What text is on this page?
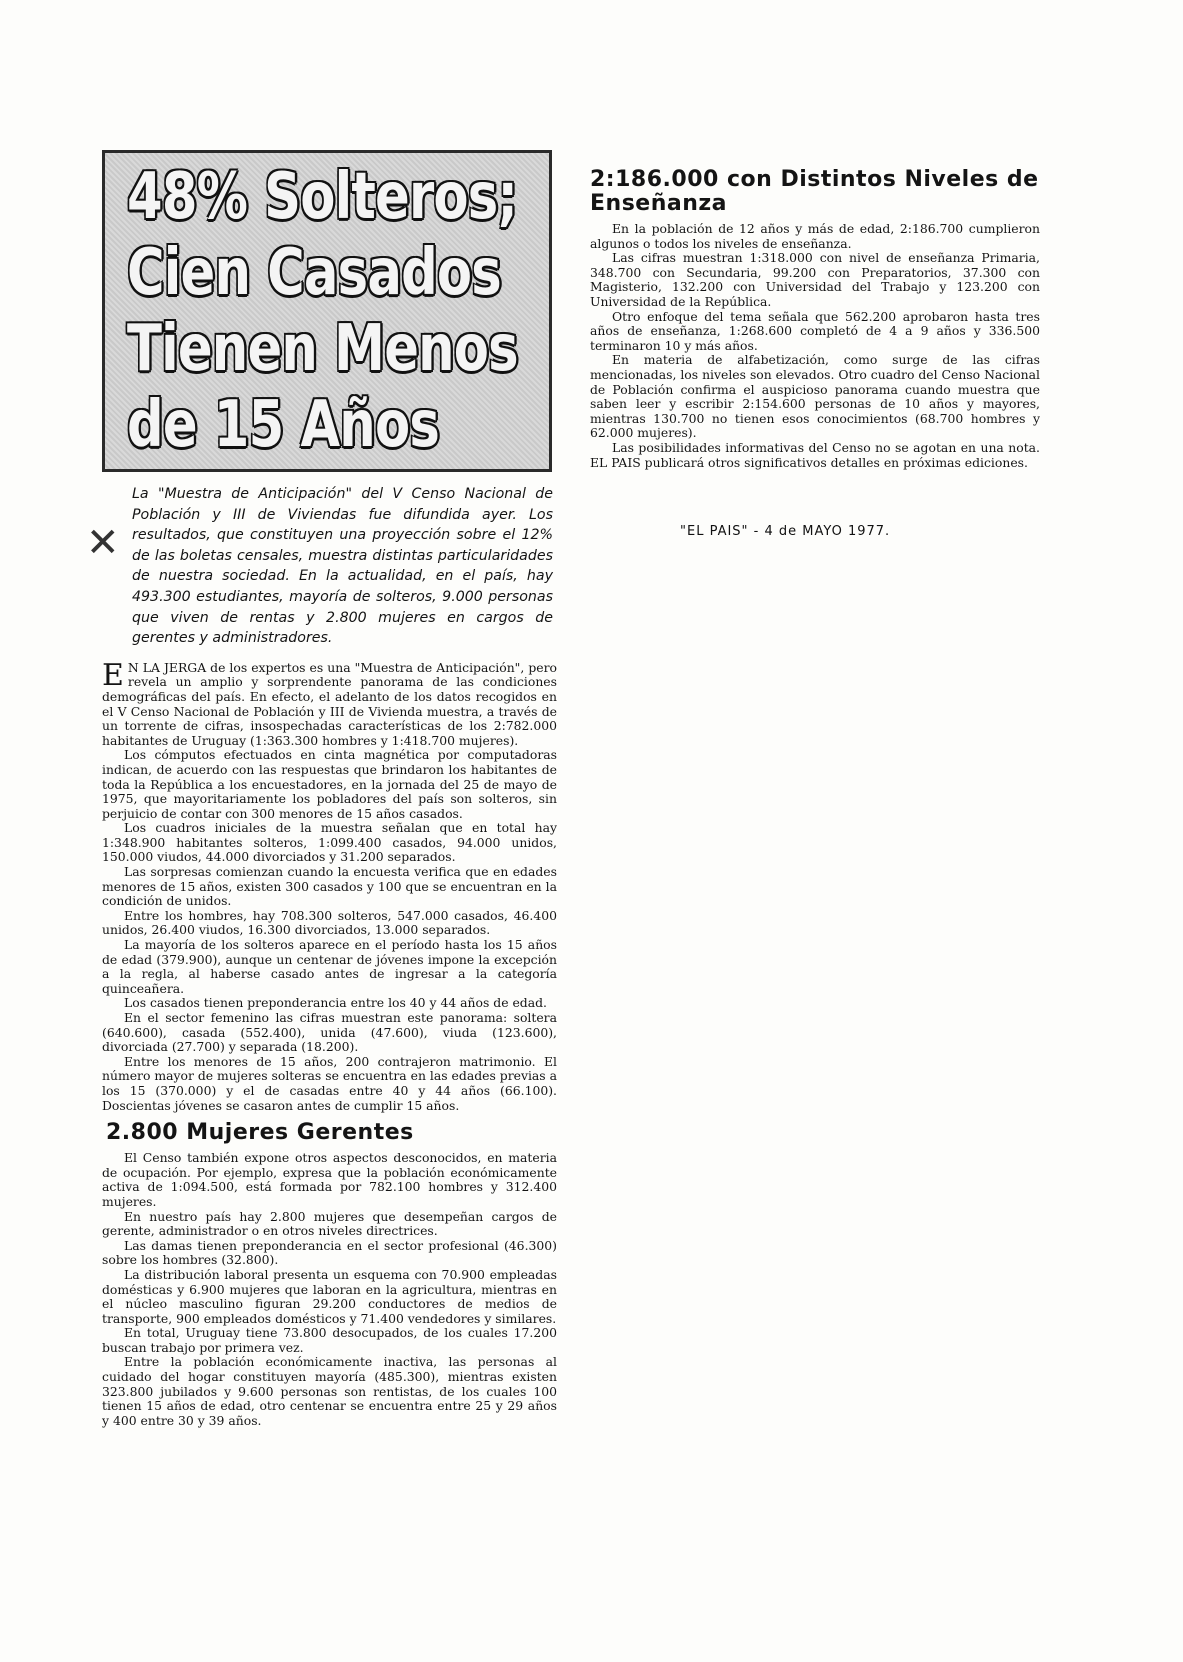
48% Solteros;
Cien Casados
Tienen Menos
de 15 Años

La "Muestra de Anticipación" del V Censo Nacional de Población y III de Viviendas fue difundida ayer. Los resultados, que constituyen una proyección sobre el 12% de las boletas censales, muestra distintas particularidades de nuestra sociedad. En la actualidad, en el país, hay 493.300 estudiantes, mayoría de solteros, 9.000 personas que viven de rentas y 2.800 mujeres en cargos de gerentes y administradores.

E N LA JERGA de los expertos es una "Muestra de Anticipación", pero revela un amplio y sorprendente panorama de las condiciones demográficas del país. En efecto, el adelanto de los datos recogidos en el V Censo Nacional de Población y III de Vivienda muestra, a través de un torrente de cifras, insospechadas características de los 2:782.000 habitantes de Uruguay (1:363.300 hombres y 1:418.700 mujeres).

Los cómputos efectuados en cinta magnética por computadoras indican, de acuerdo con las respuestas que brindaron los habitantes de toda la República a los encuestadores, en la jornada del 25 de mayo de 1975, que mayoritariamente los pobladores del país son solteros, sin perjuicio de contar con 300 menores de 15 años casados.

Los cuadros iniciales de la muestra señalan que en total hay 1:348.900 habitantes solteros, 1:099.400 casados, 94.000 unidos, 150.000 viudos, 44.000 divorciados y 31.200 separados.

Las sorpresas comienzan cuando la encuesta verifica que en edades menores de 15 años, existen 300 casados y 100 que se encuentran en la condición de unidos.

Entre los hombres, hay 708.300 solteros, 547.000 casados, 46.400 unidos, 26.400 viudos, 16.300 divorciados, 13.000 separados.

La mayoría de los solteros aparece en el período hasta los 15 años de edad (379.900), aunque un centenar de jóvenes impone la excepción a la regla, al haberse casado antes de ingresar a la categoría quinceañera.

Los casados tienen preponderancia entre los 40 y 44 años de edad.

En el sector femenino las cifras muestran este panorama: soltera (640.600), casada (552.400), unida (47.600), viuda (123.600), divorciada (27.700) y separada (18.200).

Entre los menores de 15 años, 200 contrajeron matrimonio. El número mayor de mujeres solteras se encuentra en las edades previas a los 15 (370.000) y el de casadas entre 40 y 44 años (66.100). Doscientas jóvenes se casaron antes de cumplir 15 años.

2.800 Mujeres Gerentes

El Censo también expone otros aspectos desconocidos, en materia de ocupación. Por ejemplo, expresa que la población económicamente activa de 1:094.500, está formada por 782.100 hombres y 312.400 mujeres.

En nuestro país hay 2.800 mujeres que desempeñan cargos de gerente, administrador o en otros niveles directrices.

Las damas tienen preponderancia en el sector profesional (46.300) sobre los hombres (32.800).

La distribución laboral presenta un esquema con 70.900 empleadas domésticas y 6.900 mujeres que laboran en la agricultura, mientras en el núcleo masculino figuran 29.200 conductores de medios de transporte, 900 empleados domésticos y 71.400 vendedores y similares.

En total, Uruguay tiene 73.800 desocupados, de los cuales 17.200 buscan trabajo por primera vez.

Entre la población económicamente inactiva, las personas al cuidado del hogar constituyen mayoría (485.300), mientras existen 323.800 jubilados y 9.600 personas son rentistas, de los cuales 100 tienen 15 años de edad, otro centenar se encuentra entre 25 y 29 años y 400 entre 30 y 39 años.

✕
2:186.000 con Distintos Niveles de Enseñanza

En la población de 12 años y más de edad, 2:186.700 cumplieron algunos o todos los niveles de enseñanza.

Las cifras muestran 1:318.000 con nivel de enseñanza Primaria, 348.700 con Secundaria, 99.200 con Preparatorios, 37.300 con Magisterio, 132.200 con Universidad del Trabajo y 123.200 con Universidad de la República.

Otro enfoque del tema señala que 562.200 aprobaron hasta tres años de enseñanza, 1:268.600 completó de 4 a 9 años y 336.500 terminaron 10 y más años.

En materia de alfabetización, como surge de las cifras mencionadas, los niveles son elevados. Otro cuadro del Censo Nacional de Población confirma el auspicioso panorama cuando muestra que saben leer y escribir 2:154.600 personas de 10 años y mayores, mientras 130.700 no tienen esos conocimientos (68.700 hombres y 62.000 mujeres).

Las posibilidades informativas del Censo no se agotan en una nota. EL PAIS publicará otros significativos detalles en próximas ediciones.

"EL PAIS" - 4 de MAYO 1977.
